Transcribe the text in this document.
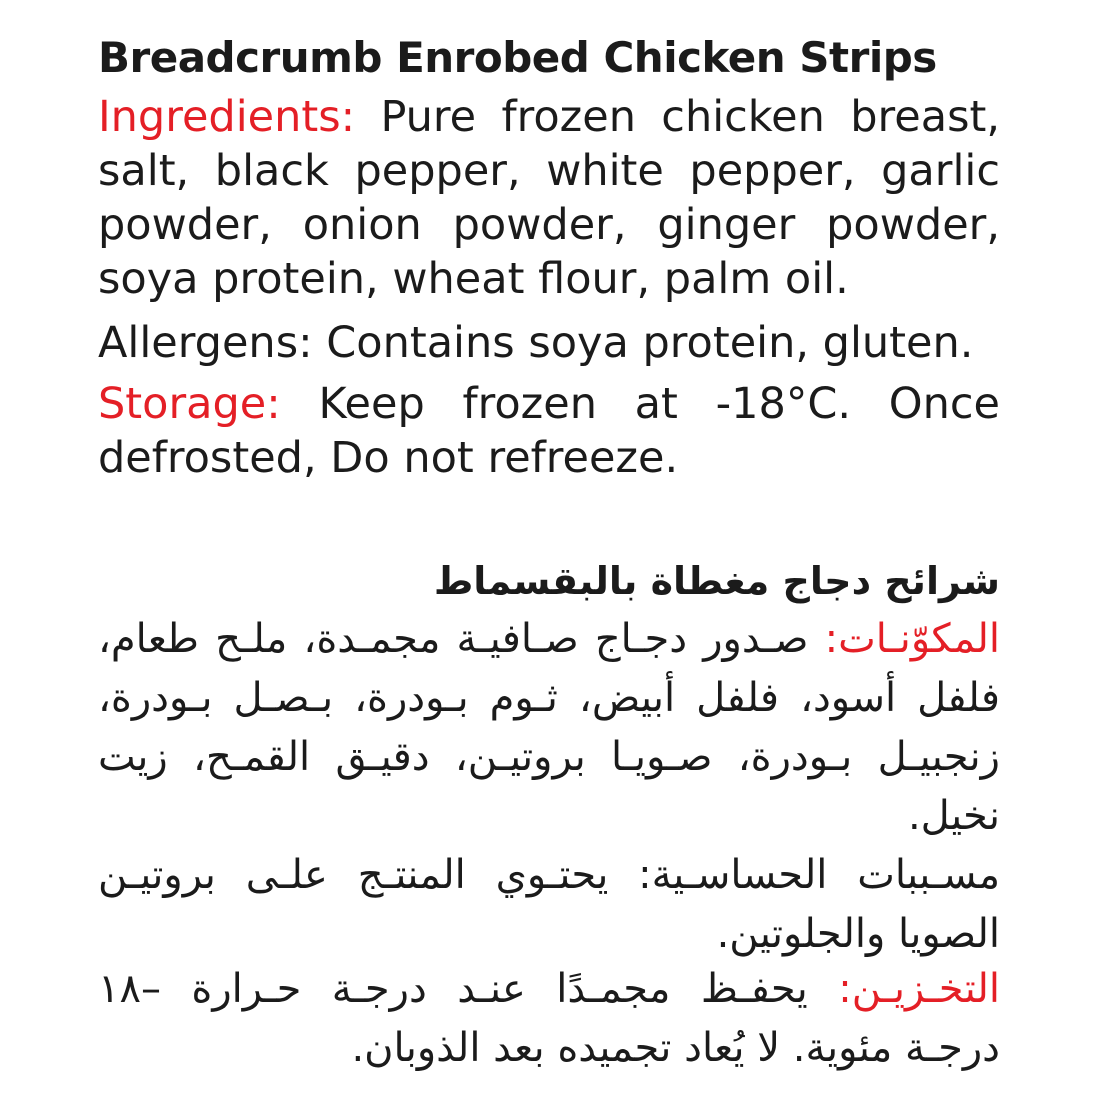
Breadcrumb Enrobed Chicken Strips
Ingredients: Pure frozen chicken breast, salt, black pepper, white pepper, garlic powder, onion powder, ginger powder, soya protein, wheat flour, palm oil.
Allergens: Contains soya protein, gluten.
Storage: Keep frozen at -18°C. Once defrosted, Do not refreeze.
شرائح دجاج مغطاة بالبقسماط
المكوّنـات: صـدور دجـاج صـافيـة مجمـدة، ملـح طعام، فلفل أسود، فلفل أبيض، ثـوم بـودرة، بـصـل بـودرة، زنجبيـل بـودرة، صـويـا بروتيـن، دقيـق القمـح، زيت نخيل.
مسـببات الحساسـية: يحتـوي المنتـج علـى بروتيـن الصويا والجلوتين.
التخـزيـن: يحفـظ مجمـدًا عنـد درجـة حـرارة –١٨ درجـة مئوية. لا يُعاد تجميده بعد الذوبان.
